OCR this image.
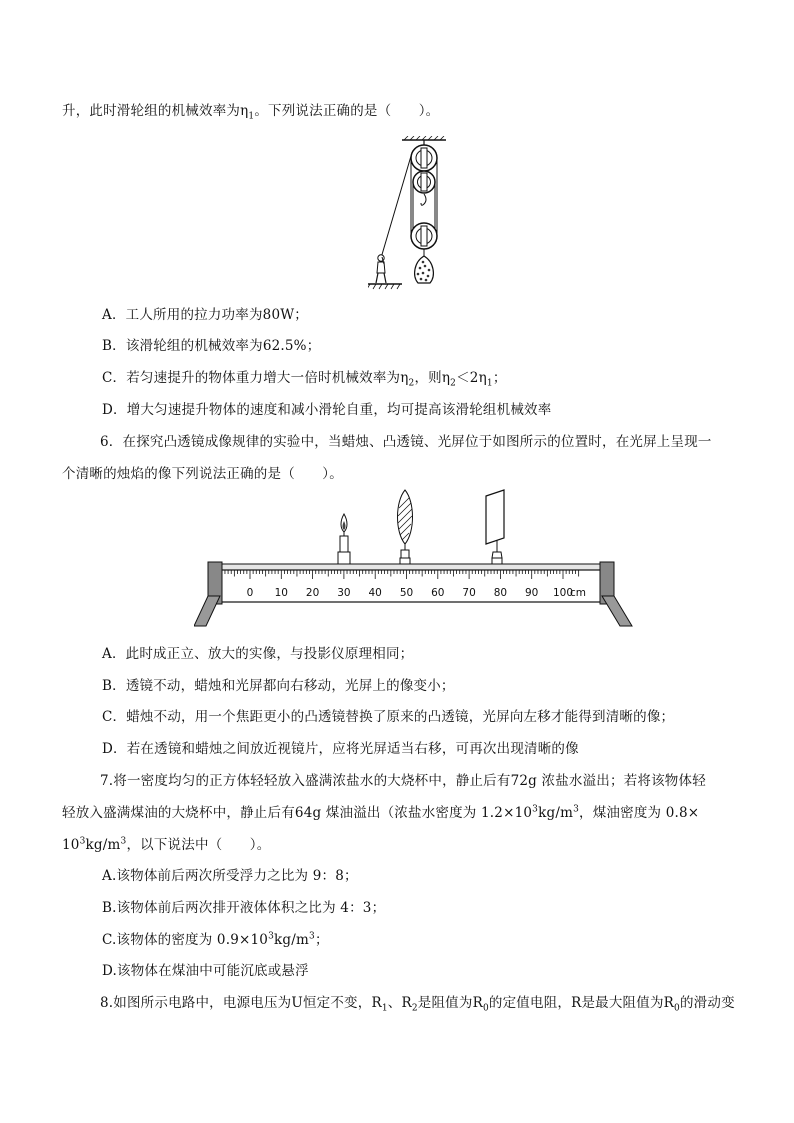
升，此时滑轮组的机械效率为$\eta_1$。下列说法正确的是（　　）。
A．工人所用的拉力功率为80W；
B．该滑轮组的机械效率为62.5%；
C．若匀速提升的物体重力增大一倍时机械效率为$\eta_2$，则$\eta_2<2\eta_1$；
D．增大匀速提升物体的速度和减小滑轮自重，均可提高该滑轮组机械效率
6．在探究凸透镜成像规律的实验中，当蜡烛、凸透镜、光屏位于如图所示的位置时，在光屏上呈现一
个清晰的烛焰的像下列说法正确的是（　　）。
0 10 20 30 40 50 60 70 80 90 100
cm
A．此时成正立、放大的实像，与投影仪原理相同；
B．透镜不动，蜡烛和光屏都向右移动，光屏上的像变小；
C．蜡烛不动，用一个焦距更小的凸透镜替换了原来的凸透镜，光屏向左移才能得到清晰的像；
D．若在透镜和蜡烛之间放近视镜片，应将光屏适当右移，可再次出现清晰的像
7.将一密度均匀的正方体轻轻放入盛满浓盐水的大烧杯中，静止后有72g 浓盐水溢出；若将该物体轻
轻放入盛满煤油的大烧杯中，静止后有64g 煤油溢出（浓盐水密度为 $1.2\times 10^3kg/m^3$，煤油密度为 0.8×
$10^3kg/m^3$，以下说法中（　　）。
A.该物体前后两次所受浮力之比为 9：8；
B.该物体前后两次排开液体体积之比为 4：3；
C.该物体的密度为 $0.9\times 10^3kg/m^3$；
D.该物体在煤油中可能沉底或悬浮
8.如图所示电路中，电源电压为U恒定不变，$R_1$、$R_2$是阻值为$R_0$的定值电阻，R是最大阻值为$R_0$的滑动变
